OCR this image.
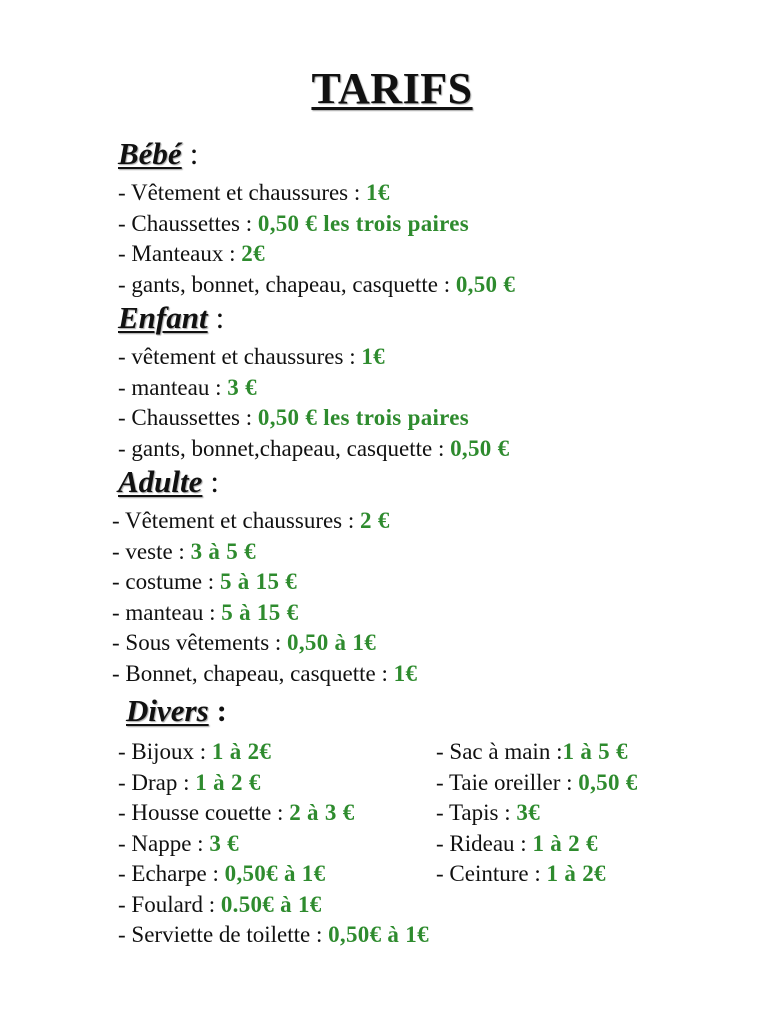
TARIFS
Bébé :
- Vêtement et chaussures : 1€
- Chaussettes : 0,50 € les trois paires
- Manteaux : 2€
- gants, bonnet, chapeau, casquette : 0,50 €
Enfant :
- vêtement et chaussures : 1€
- manteau : 3 €
- Chaussettes : 0,50 € les trois paires
- gants, bonnet,chapeau, casquette : 0,50 €
Adulte :
- Vêtement et chaussures : 2 €
- veste : 3 à 5 €
- costume : 5 à 15 €
- manteau : 5 à 15 €
- Sous vêtements : 0,50 à 1€
- Bonnet, chapeau, casquette : 1€
Divers :
- Bijoux : 1 à 2€
- Drap : 1 à 2 €
- Housse couette : 2 à 3 €
- Nappe : 3 €
- Echarpe : 0,50€ à 1€
- Sac à main :1 à 5 €
- Taie oreiller : 0,50 €
- Tapis : 3€
- Rideau : 1 à 2 €
- Ceinture : 1 à 2€
- Foulard : 0.50€ à 1€
- Serviette de toilette : 0,50€ à 1€
